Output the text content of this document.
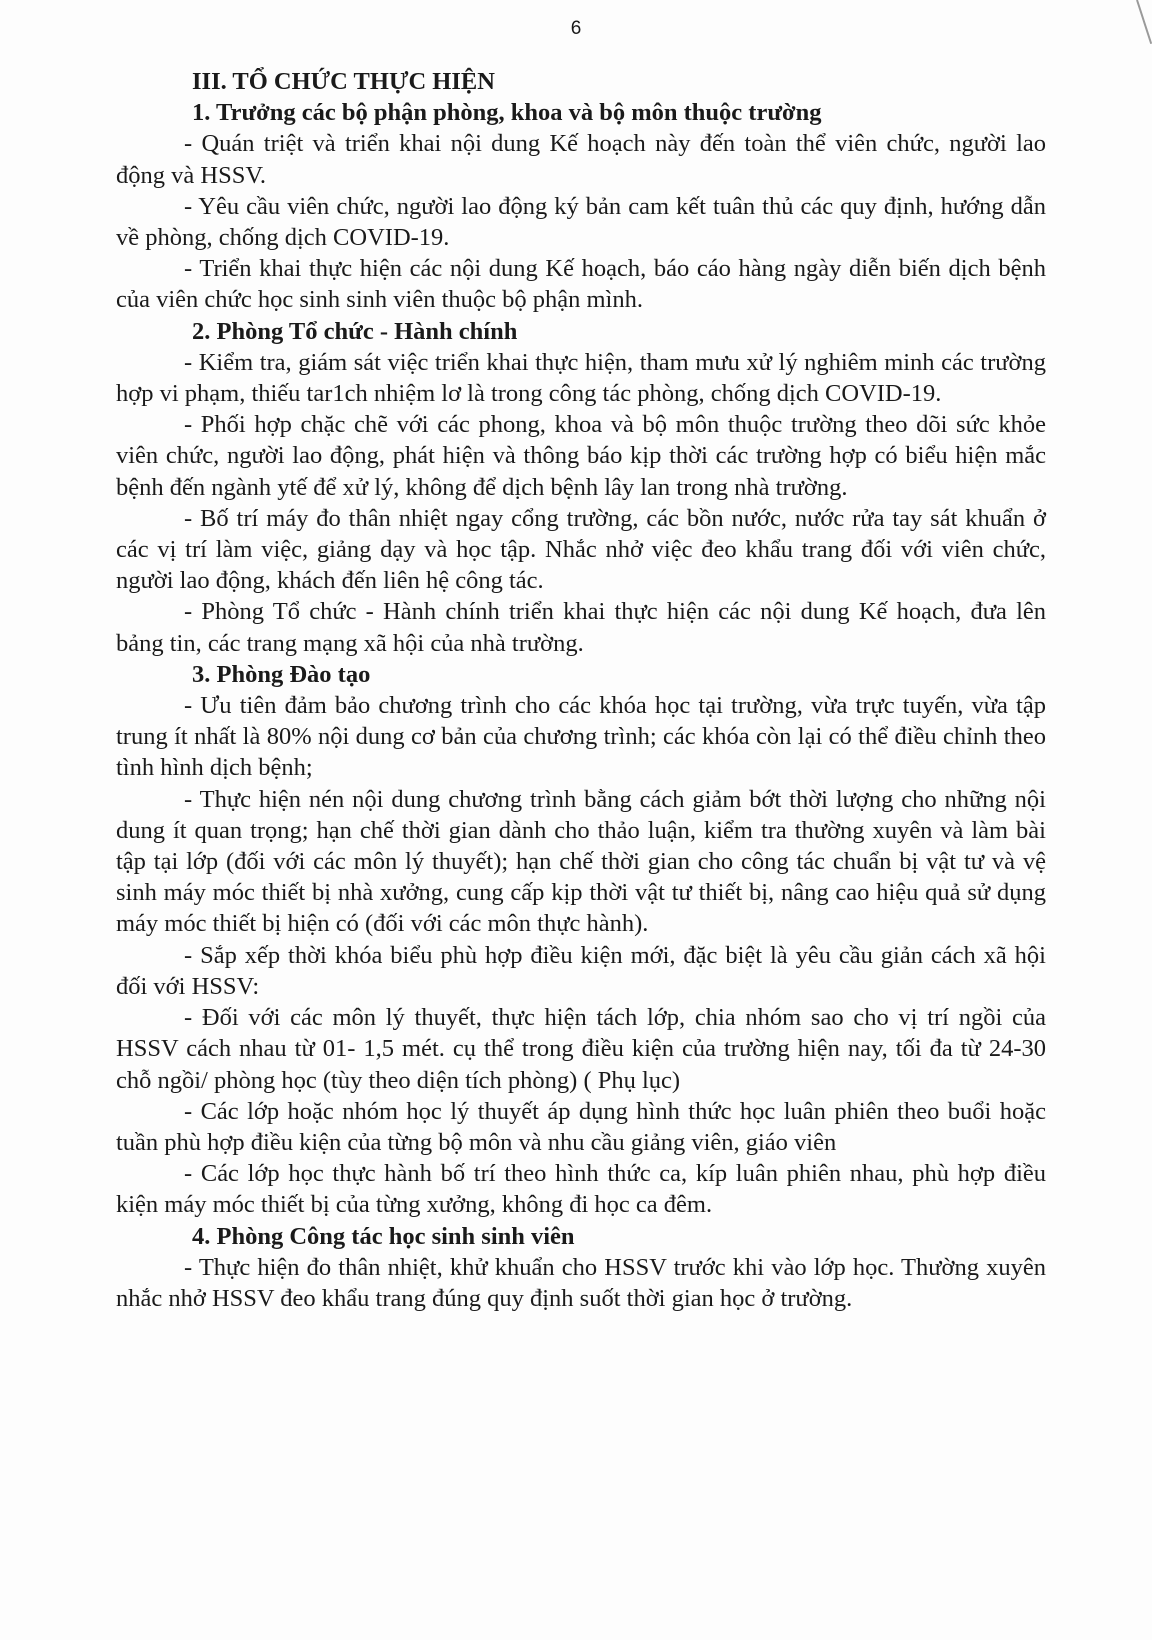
6
III. TỔ CHỨC THỰC HIỆN
1. Trưởng các bộ phận phòng, khoa và bộ môn thuộc trường
- Quán triệt và triển khai nội dung Kế hoạch này đến toàn thể viên chức, người lao động và HSSV.
- Yêu cầu viên chức, người lao động ký bản cam kết tuân thủ các quy định, hướng dẫn về phòng, chống dịch COVID-19.
- Triển khai thực hiện các nội dung Kế hoạch, báo cáo hàng ngày diễn biến dịch bệnh của viên chức học sinh sinh viên thuộc bộ phận mình.
2. Phòng Tổ chức - Hành chính
- Kiểm tra, giám sát việc triển khai thực hiện, tham mưu xử lý nghiêm minh các trường hợp vi phạm, thiếu tar1ch nhiệm lơ là trong công tác phòng, chống dịch COVID-19.
- Phối hợp chặc chẽ với các phong, khoa và bộ môn thuộc trường theo dõi sức khỏe viên chức, người lao động, phát hiện và thông báo kịp thời các trường hợp có biểu hiện mắc bệnh đến ngành ytế để xử lý, không để dịch bệnh lây lan trong nhà trường.
- Bố trí máy đo thân nhiệt ngay cổng trường, các bồn nước, nước rửa tay sát khuẩn ở các vị trí làm việc, giảng dạy và học tập. Nhắc nhở việc đeo khẩu trang đối với viên chức, người lao động, khách đến liên hệ công tác.
- Phòng Tổ chức - Hành chính triển khai thực hiện các nội dung Kế hoạch, đưa lên bảng tin, các trang mạng xã hội của nhà trường.
3. Phòng Đào tạo
- Ưu tiên đảm bảo chương trình cho các khóa học tại trường, vừa trực tuyến, vừa tập trung ít nhất là 80% nội dung cơ bản của chương trình; các khóa còn lại có thể điều chỉnh theo tình hình dịch bệnh;
- Thực hiện nén nội dung chương trình bằng cách giảm bớt thời lượng cho những nội dung ít quan trọng; hạn chế thời gian dành cho thảo luận, kiểm tra thường xuyên và làm bài tập tại lớp (đối với các môn lý thuyết); hạn chế thời gian cho công tác chuẩn bị vật tư và vệ sinh máy móc thiết bị nhà xưởng, cung cấp kịp thời vật tư thiết bị, nâng cao hiệu quả sử dụng máy móc thiết bị hiện có (đối với các môn thực hành).
- Sắp xếp thời khóa biểu phù hợp điều kiện mới, đặc biệt là yêu cầu giản cách xã hội đối với HSSV:
- Đối với các môn lý thuyết, thực hiện tách lớp, chia nhóm sao cho vị trí ngồi của HSSV cách nhau từ 01- 1,5 mét. cụ thể trong điều kiện của trường hiện nay, tối đa từ 24-30 chỗ ngồi/ phòng học (tùy theo diện tích phòng) ( Phụ lục)
- Các lớp hoặc nhóm học lý thuyết áp dụng hình thức học luân phiên theo buổi hoặc tuần phù hợp điều kiện của từng bộ môn và nhu cầu giảng viên, giáo viên
- Các lớp học thực hành bố trí theo hình thức ca, kíp luân phiên nhau, phù hợp điều kiện máy móc thiết bị của từng xưởng, không đi học ca đêm.
4. Phòng Công tác học sinh sinh viên
- Thực hiện đo thân nhiệt, khử khuẩn cho HSSV trước khi vào lớp học. Thường xuyên nhắc nhở HSSV đeo khẩu trang đúng quy định suốt thời gian học ở trường.
